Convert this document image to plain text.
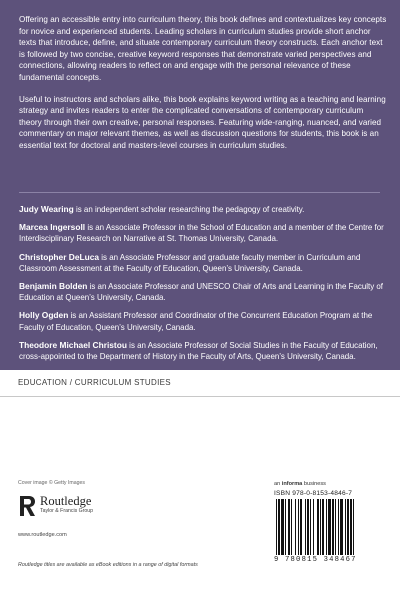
Offering an accessible entry into curriculum theory, this book defines and contextualizes key concepts for novice and experienced students. Leading scholars in curriculum studies provide short anchor texts that introduce, define, and situate contemporary curriculum theory constructs. Each anchor text is followed by two concise, creative keyword responses that demonstrate varied perspectives and connections, allowing readers to reflect on and engage with the personal relevance of these fundamental concepts.

Useful to instructors and scholars alike, this book explains keyword writing as a teaching and learning strategy and invites readers to enter the complicated conversations of contemporary curriculum theory through their own creative, personal responses. Featuring wide-ranging, nuanced, and varied commentary on major relevant themes, as well as discussion questions for students, this book is an essential text for doctoral and masters-level courses in curriculum studies.

Judy Wearing is an independent scholar researching the pedagogy of creativity.

Marcea Ingersoll is an Associate Professor in the School of Education and a member of the Centre for Interdisciplinary Research on Narrative at St. Thomas University, Canada.

Christopher DeLuca is an Associate Professor and graduate faculty member in Curriculum and Classroom Assessment at the Faculty of Education, Queen’s University, Canada.

Benjamin Bolden is an Associate Professor and UNESCO Chair of Arts and Learning in the Faculty of Education at Queen’s University, Canada.

Holly Ogden is an Assistant Professor and Coordinator of the Concurrent Education Program at the Faculty of Education, Queen’s University, Canada.

Theodore Michael Christou is an Associate Professor of Social Studies in the Faculty of Education, cross-appointed to the Department of History in the Faculty of Arts, Queen’s University, Canada.

EDUCATION / CURRICULUM STUDIES
Cover image © Getty Images	an informa business
Routledge
Taylor & Francis Group
www.routledge.com
Routledge titles are available as eBook editions in a range of digital formats
ISBN 978-0-8153-4846-7
9 780815 348467
